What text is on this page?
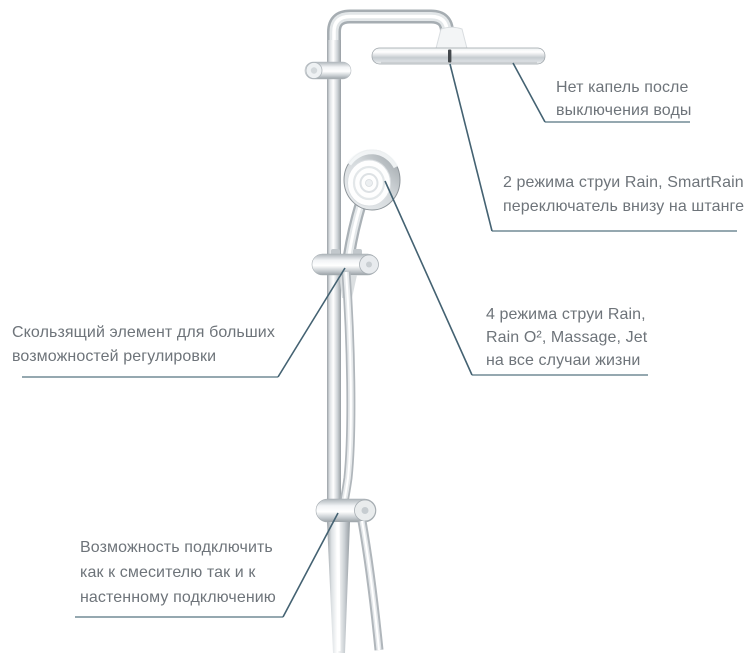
Нет капель после
выключения воды
2 режима струи Rain, SmartRain
переключатель внизу на штанге
Скользящий элемент для больших
возможностей регулировки
4 режима струи Rain,
Rain O², Massage, Jet
на все случаи жизни
Возможность подключить
как к смесителю так и к
настенному подключению
